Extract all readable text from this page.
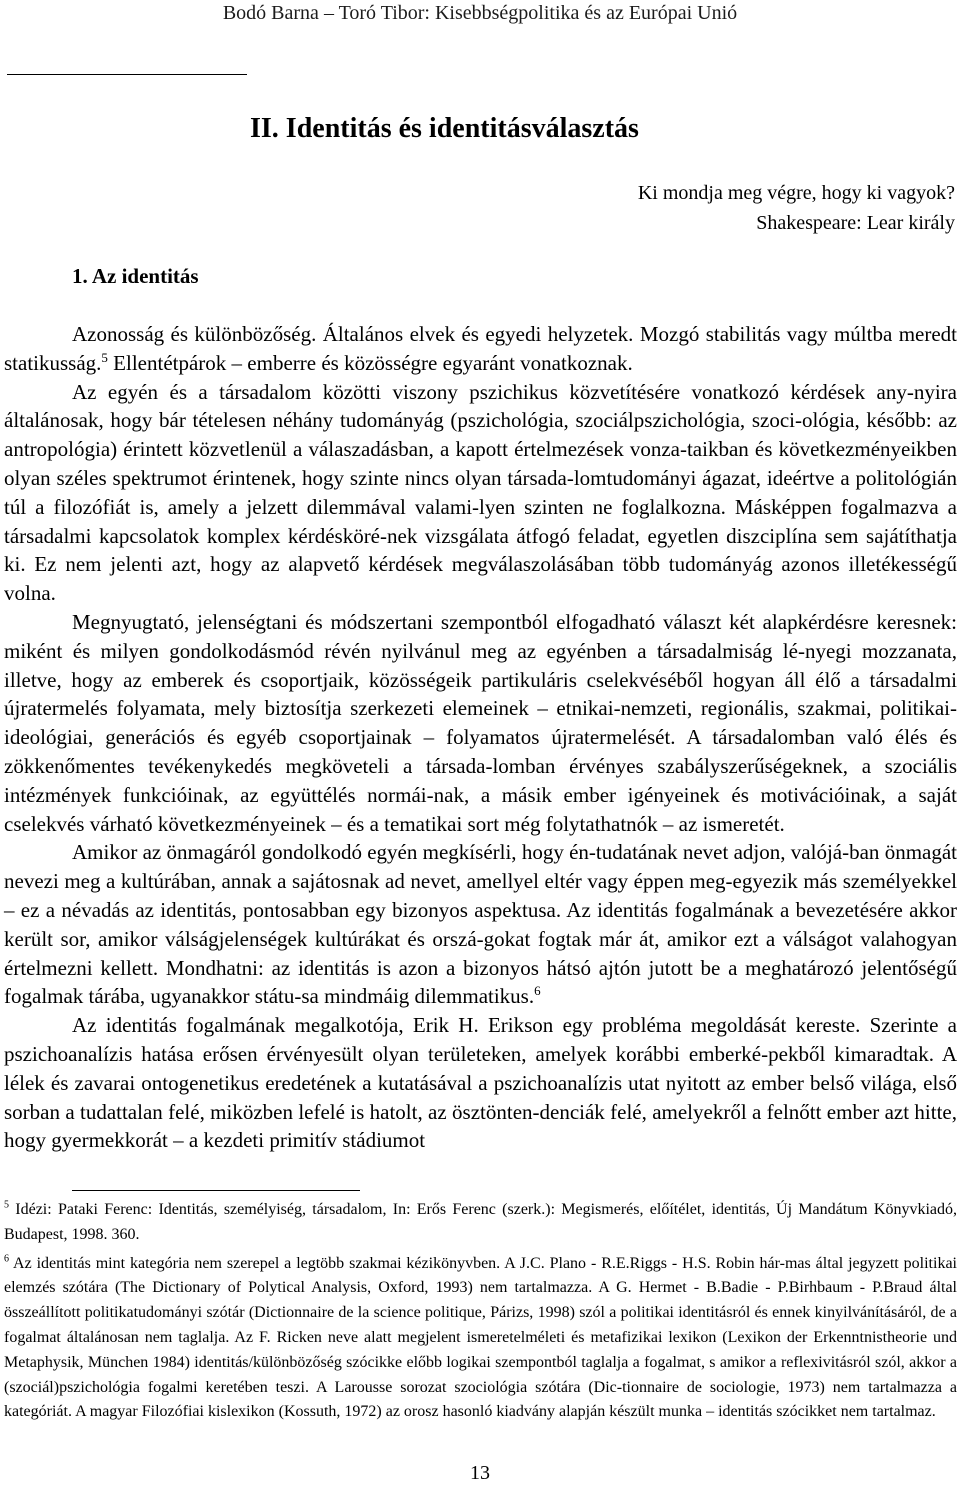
Bodó Barna – Toró Tibor: Kisebbségpolitika és az Európai Unió
II. Identitás és identitásválasztás
Ki mondja meg végre, hogy ki vagyok?
Shakespeare: Lear király
1. Az identitás

Azonosság és különbözőség. Általános elvek és egyedi helyzetek. Mozgó stabilitás vagy múltba meredt statikusság.$^5$ Ellentétpárok – emberre és közösségre egyaránt vonatkoznak.

Az egyén és a társadalom közötti viszony pszichikus közvetítésére vonatkozó kérdések any-nyira általánosak, hogy bár tételesen néhány tudományág (pszichológia, szociálpszichológia, szoci-ológia, később: az antropológia) érintett közvetlenül a válaszadásban, a kapott értelmezések vonza-taikban és következményeikben olyan széles spektrumot érintenek, hogy szinte nincs olyan társada-lomtudományi ágazat, ideértve a politológián túl a filozófiát is, amely a jelzett dilemmával valami-lyen szinten ne foglalkozna. Másképpen fogalmazva a társadalmi kapcsolatok komplex kérdésköré-nek vizsgálata átfogó feladat, egyetlen diszciplína sem sajátíthatja ki. Ez nem jelenti azt, hogy az alapvető kérdések megválaszolásában több tudományág azonos illetékességű volna.

Megnyugtató, jelenségtani és módszertani szempontból elfogadható választ két alapkérdésre keresnek: miként és milyen gondolkodásmód révén nyilvánul meg az egyénben a társadalmiság lé-nyegi mozzanata, illetve, hogy az emberek és csoportjaik, közösségeik partikuláris cselekvéséből hogyan áll élő a társadalmi újratermelés folyamata, mely biztosítja szerkezeti elemeinek – etnikai-nemzeti, regionális, szakmai, politikai-ideológiai, generációs és egyéb csoportjainak – folyamatos újratermelését. A társadalomban való élés és zökkenőmentes tevékenykedés megköveteli a társada-lomban érvényes szabályszerűségeknek, a szociális intézmények funkcióinak, az együttélés normái-nak, a másik ember igényeinek és motivációinak, a saját cselekvés várható következményeinek – és a tematikai sort még folytathatnók – az ismeretét.

Amikor az önmagáról gondolkodó egyén megkísérli, hogy én-tudatának nevet adjon, valójá-ban önmagát nevezi meg a kultúrában, annak a sajátosnak ad nevet, amellyel eltér vagy éppen meg-egyezik más személyekkel – ez a névadás az identitás, pontosabban egy bizonyos aspektusa. Az identitás fogalmának a bevezetésére akkor került sor, amikor válságjelenségek kultúrákat és orszá-gokat fogtak már át, amikor ezt a válságot valahogyan értelmezni kellett. Mondhatni: az identitás is azon a bizonyos hátsó ajtón jutott be a meghatározó jelentőségű fogalmak tárába, ugyanakkor státu-sa mindmáig dilemmatikus.$^6$

Az identitás fogalmának megalkotója, Erik H. Erikson egy probléma megoldását kereste. Szerinte a pszichoanalízis hatása erősen érvényesült olyan területeken, amelyek korábbi emberké-pekből kimaradtak. A lélek és zavarai ontogenetikus eredetének a kutatásával a pszichoanalízis utat nyitott az ember belső világa, első sorban a tudattalan felé, miközben lefelé is hatolt, az ösztönten-denciák felé, amelyekről a felnőtt ember azt hitte, hogy gyermekkorát – a kezdeti primitív stádiumot

$^5$ Idézi: Pataki Ferenc: Identitás, személyiség, társadalom, In: Erős Ferenc (szerk.): Megismerés, előítélet, identitás, Új Mandátum Könyvkiadó, Budapest, 1998. 360.

$^6$ Az identitás mint kategória nem szerepel a legtöbb szakmai kézikönyvben. A J.C. Plano - R.E.Riggs - H.S. Robin hár-mas által jegyzett politikai elemzés szótára (The Dictionary of Polytical Analysis, Oxford, 1993) nem tartalmazza. A G. Hermet - B.Badie - P.Birhbaum - P.Braud által összeállított politikatudományi szótár (Dictionnaire de la science politique, Párizs, 1998) szól a politikai identitásról és ennek kinyilvánításáról, de a fogalmat általánosan nem taglalja. Az F. Ricken neve alatt megjelent ismeretelméleti és metafizikai lexikon (Lexikon der Erkenntnistheorie und Metaphysik, München 1984) identitás/különbözőség szócikke előbb logikai szempontból taglalja a fogalmat, s amikor a reflexivitásról szól, akkor a (szociál)pszichológia fogalmi keretében teszi. A Larousse sorozat szociológia szótára (Dic-tionnaire de sociologie, 1973) nem tartalmazza a kategóriát. A magyar Filozófiai kislexikon (Kossuth, 1972) az orosz hasonló kiadvány alapján készült munka – identitás szócikket nem tartalmaz.

13
